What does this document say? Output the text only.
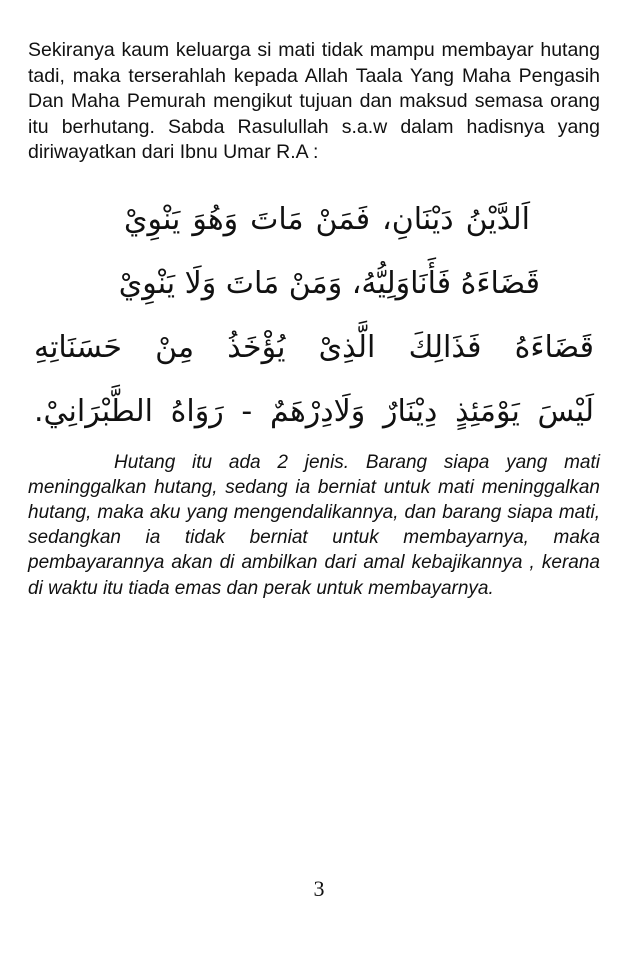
Sekiranya kaum keluarga si mati tidak mampu membayar hutang tadi, maka terserahlah kepada Allah Taala Yang Maha Pengasih Dan Maha Pemurah mengikut tujuan dan maksud semasa orang itu berhutang. Sabda Rasulullah s.a.w dalam hadisnya yang diriwayatkan dari Ibnu Umar R.A :

اَلدَّيْنُ دَيْنَانِ، فَمَنْ مَاتَ وَهُوَ يَنْوِيْ

قَضَاءَهُ فَأَنَاوَلِيُّهُ، وَمَنْ مَاتَ وَلَا يَنْوِيْ

قَضَاءَهُ فَذَالِكَ الَّذِىْ يُؤْخَذُ مِنْ حَسَنَاتِهِ

لَيْسَ يَوْمَئِذٍ دِيْنَارٌ وَلَادِرْهَمٌ - رَوَاهُ الطَّبْرَانِيْ.

Hutang itu ada 2 jenis. Barang siapa yang mati meninggalkan hutang, sedang ia berniat untuk mati meninggalkan hutang, maka aku yang mengendalikannya, dan barang siapa mati, sedangkan ia tidak berniat untuk membayarnya, maka pembayarannya akan di ambilkan dari amal kebajikannya , kerana di waktu itu tiada emas dan perak untuk membayarnya.

3
